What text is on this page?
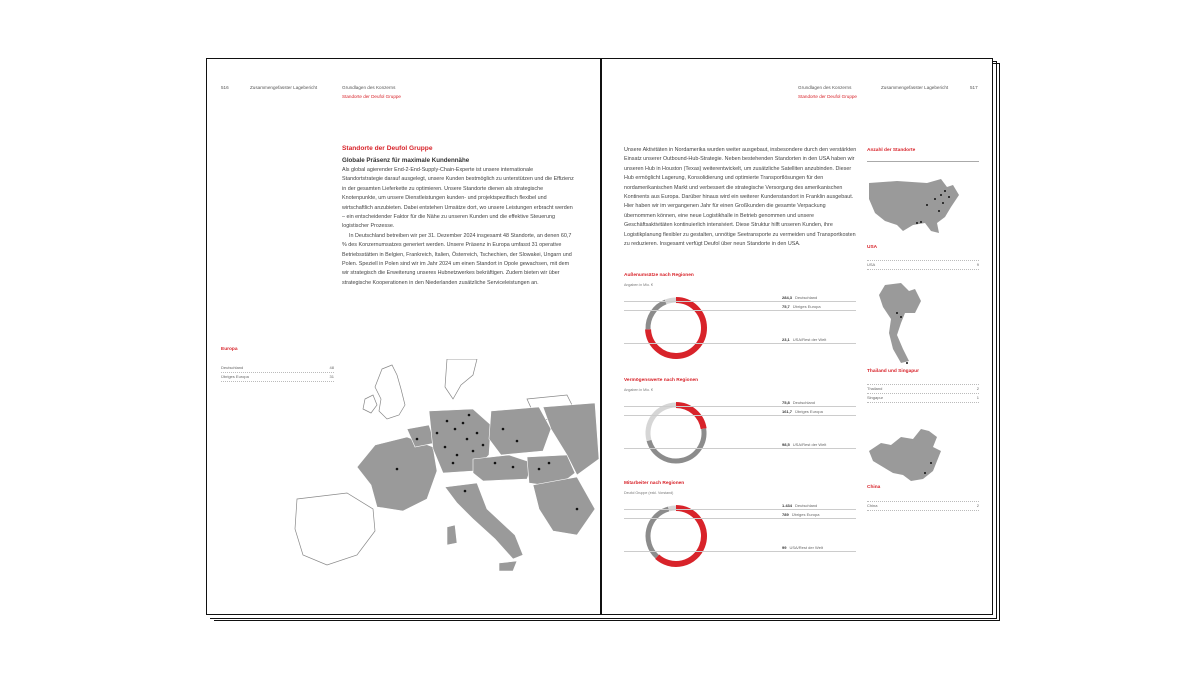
516	Zusammengefasster Lagebericht	Grundlagen des Konzerns
Standorte der Deufol Gruppe
Standorte der Deufol Gruppe
Globale Präsenz für maximale Kundennähe

Als global agierender End-2-End-Supply-Chain-Experte ist unsere internationale Standortstrategie darauf ausgelegt, unsere Kunden bestmöglich zu unterstützen und die Effizienz in der gesamten Lieferkette zu optimieren. Unsere Standorte dienen als strategische Knotenpunkte, um unsere Dienstleistungen kunden- und projektspezifisch flexibel und wirtschaftlich anzubieten. Dabei entstehen Umsätze dort, wo unsere Leistungen erbracht werden – ein entscheidender Faktor für die Nähe zu unseren Kunden und die effektive Steuerung logistischer Prozesse.

In Deutschland betreiben wir per 31. Dezember 2024 insgesamt 48 Standorte, an denen 60,7 % des Konzernumsatzes generiert werden. Unsere Präsenz in Europa umfasst 31 operative Betriebsstätten in Belgien, Frankreich, Italien, Österreich, Tschechien, der Slowakei, Ungarn und Polen. Speziell in Polen sind wir im Jahr 2024 um einen Standort in Opole gewachsen, mit dem wir strategisch die Erweiterung unseres Hubnetzwerkes bekräftigen. Zudem bieten wir über strategische Kooperationen in den Niederlanden zusätzliche Serviceleistungen an.

Europa
Deutschland	48
Übriges Europa	31
Grundlagen des Konzerns
Standorte der Deufol Gruppe
Zusammengefasster Lagebericht	517

Unsere Aktivitäten in Nordamerika wurden weiter ausgebaut, insbesondere durch den verstärkten Einsatz unserer Outbound-Hub-Strategie. Neben bestehenden Standorten in den USA haben wir unseren Hub in Houston (Texas) weiterentwickelt, um zusätzliche Satelliten anzubinden. Dieser Hub ermöglicht Lagerung, Konsolidierung und optimierte Transportlösungen für den nordamerikanischen Markt und verbessert die strategische Versorgung des amerikanischen Kontinents aus Europa. Darüber hinaus wird ein weiterer Kundenstandort in Franklin ausgebaut. Hier haben wir im vergangenen Jahr für einen Großkunden die gesamte Verpackung übernommen können, eine neue Logistikhalle in Betrieb genommen und unsere Geschäftsaktivitäten kontinuierlich intensiviert. Diese Struktur hilft unseren Kunden, ihre Logistikplanung flexibler zu gestalten, unnötige Seetransporte zu vermeiden und Transportkosten zu reduzieren. Insgesamt verfügt Deufol über neun Standorte in den USA.

Außenumsätze nach Regionen
Angaben in Mio. €
284,3 Deutschland
75,7 Übriges Europa
23,1 USA/Rest der Welt
Vermögenswerte nach Regionen
Angaben in Mio. €
75,8 Deutschland
161,7 Übriges Europa
98,5 USA/Rest der Welt
Mitarbeiter nach Regionen
Deufol Gruppe (exkl. Vorstand)
1.434 Deutschland
789 Übriges Europa
99 USA/Rest der Welt
Anzahl der Standorte
USA
USA	9
Thailand und Singapur
Thailand	2
Singapur	1
China
China	2
